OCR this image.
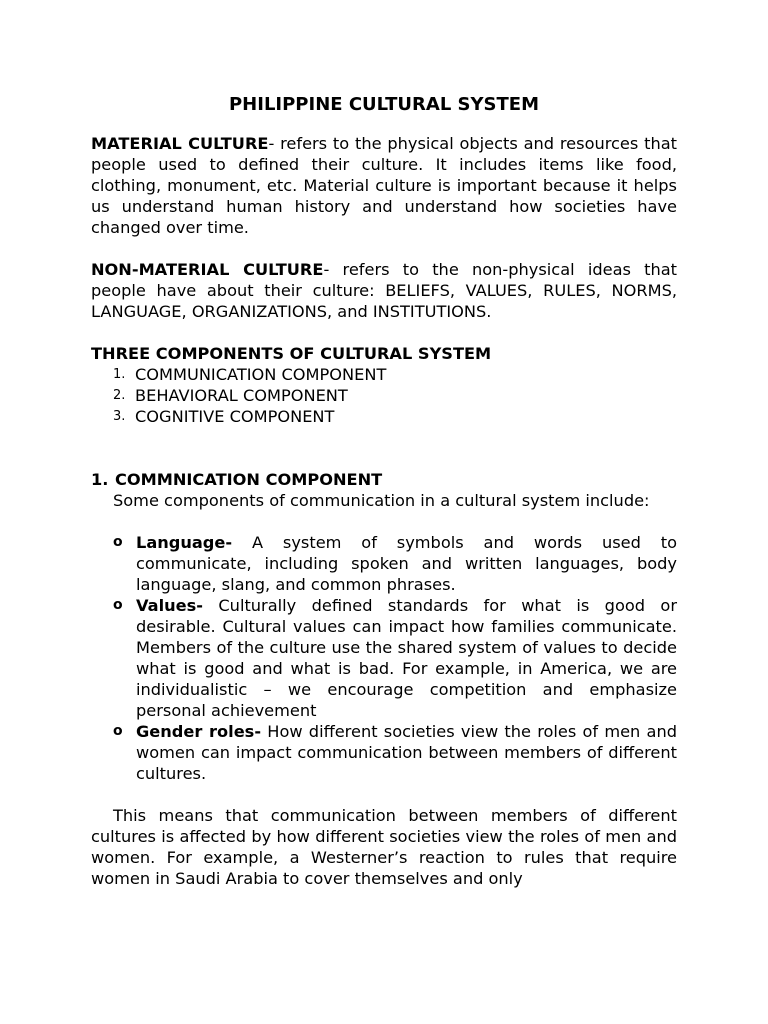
PHILIPPINE CULTURAL SYSTEM

MATERIAL CULTURE- refers to the physical objects and resources that people used to defined their culture. It includes items like food, clothing, monument, etc. Material culture is important because it helps us understand human history and understand how societies have changed over time.

NON-MATERIAL CULTURE- refers to the non-physical ideas that people have about their culture: BELIEFS, VALUES, RULES, NORMS, LANGUAGE, ORGANIZATIONS, and INSTITUTIONS.

THREE COMPONENTS OF CULTURAL SYSTEM

1. COMMUNICATION COMPONENT
2. BEHAVIORAL COMPONENT
3. COGNITIVE COMPONENT

1. COMMNICATION COMPONENT

Some components of communication in a cultural system include:

o Language- A system of symbols and words used to communicate, including spoken and written languages, body language, slang, and common phrases.
o Values- Culturally defined standards for what is good or desirable. Cultural values can impact how families communicate. Members of the culture use the shared system of values to decide what is good and what is bad. For example, in America, we are individualistic – we encourage competition and emphasize personal achievement
o Gender roles- How different societies view the roles of men and women can impact communication between members of different cultures.

This means that communication between members of different cultures is affected by how different societies view the roles of men and women. For example, a Westerner’s reaction to rules that require women in Saudi Arabia to cover themselves and only
